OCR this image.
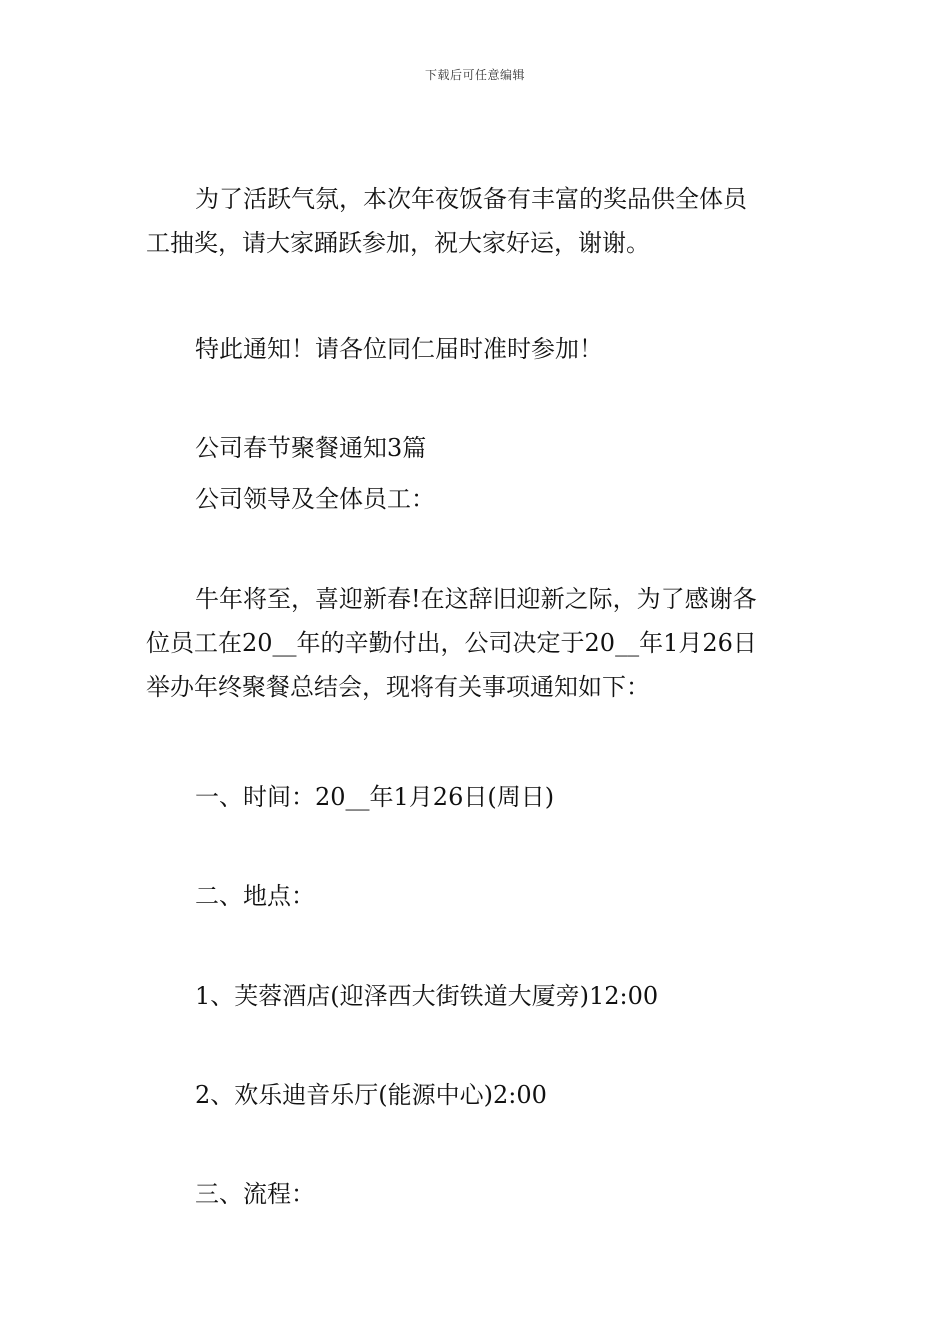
下载后可任意编辑
为了活跃气氛，本次年夜饭备有丰富的奖品供全体员
工抽奖，请大家踊跃参加，祝大家好运，谢谢。
特此通知！请各位同仁届时准时参加！
公司春节聚餐通知3篇
公司领导及全体员工：
牛年将至，喜迎新春!在这辞旧迎新之际，为了感谢各
位员工在20__年的辛勤付出，公司决定于20__年1月26日
举办年终聚餐总结会，现将有关事项通知如下：
一、时间：20__年1月26日(周日)
二、地点：
1、芙蓉酒店(迎泽西大街铁道大厦旁)12:00
2、欢乐迪音乐厅(能源中心)2:00
三、流程：
